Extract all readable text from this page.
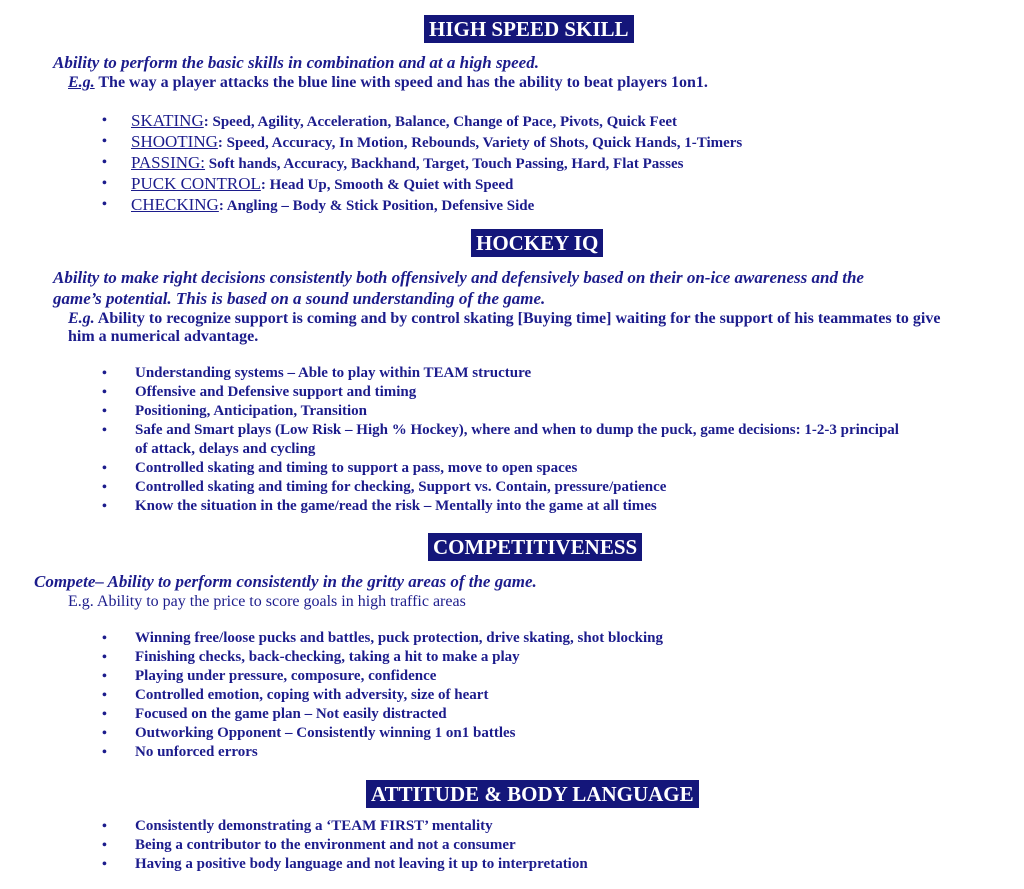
HIGH SPEED SKILL
Ability to perform the basic skills in combination and at a high speed.
E.g. The way a player attacks the blue line with speed and has the ability to beat players 1on1.
• SKATING: Speed, Agility, Acceleration, Balance, Change of Pace, Pivots, Quick Feet
• SHOOTING: Speed, Accuracy, In Motion, Rebounds, Variety of Shots, Quick Hands, 1-Timers
• PASSING: Soft hands, Accuracy, Backhand, Target, Touch Passing, Hard, Flat Passes
• PUCK CONTROL: Head Up, Smooth & Quiet with Speed
• CHECKING: Angling – Body & Stick Position, Defensive Side
HOCKEY IQ
Ability to make right decisions consistently both offensively and defensively based on their on-ice awareness and the
game’s potential. This is based on a sound understanding of the game.
E.g. Ability to recognize support is coming and by control skating [Buying time] waiting for the support of his teammates to give
him a numerical advantage.
• Understanding systems – Able to play within TEAM structure
• Offensive and Defensive support and timing
• Positioning, Anticipation, Transition
• Safe and Smart plays (Low Risk – High % Hockey), where and when to dump the puck, game decisions: 1-2-3 principal
of attack, delays and cycling
• Controlled skating and timing to support a pass, move to open spaces
• Controlled skating and timing for checking, Support vs. Contain, pressure/patience
• Know the situation in the game/read the risk – Mentally into the game at all times
COMPETITIVENESS
Compete– Ability to perform consistently in the gritty areas of the game.
E.g. Ability to pay the price to score goals in high traffic areas
• Winning free/loose pucks and battles, puck protection, drive skating, shot blocking
• Finishing checks, back-checking, taking a hit to make a play
• Playing under pressure, composure, confidence
• Controlled emotion, coping with adversity, size of heart
• Focused on the game plan – Not easily distracted
• Outworking Opponent – Consistently winning 1 on1 battles
• No unforced errors
ATTITUDE & BODY LANGUAGE
• Consistently demonstrating a ‘TEAM FIRST’ mentality
• Being a contributor to the environment and not a consumer
• Having a positive body language and not leaving it up to interpretation
